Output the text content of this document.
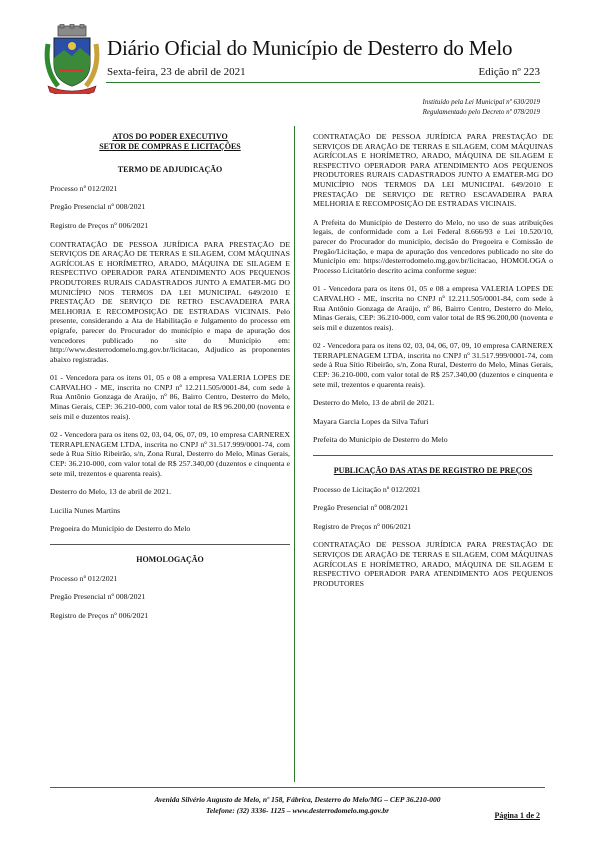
Diário Oficial do Município de Desterro do Melo
Sexta-feira, 23 de abril de 2021	Edição nº 223
Instituído pela Lei Municipal nº 630/2019
Regulamentado pelo Decreto nº 078/2019

ATOS DO PODER EXECUTIVO

SETOR DE COMPRAS E LICITAÇÕES

TERMO DE ADJUDICAÇÃO

Processo nº 012/2021

Pregão Presencial nº 008/2021

Registro de Preços nº 006/2021

CONTRATAÇÃO DE PESSOA JURÍDICA PARA PRESTAÇÃO DE SERVIÇOS DE ARAÇÃO DE TERRAS E SILAGEM, COM MÁQUINAS AGRÍCOLAS E HORÍMETRO, ARADO, MÁQUINA DE SILAGEM E RESPECTIVO OPERADOR PARA ATENDIMENTO AOS PEQUENOS PRODUTORES RURAIS CADASTRADOS JUNTO A EMATER-MG DO MUNICÍPIO NOS TERMOS DA LEI MUNICIPAL 649/2010 E PRESTAÇÃO DE SERVIÇO DE RETRO ESCAVADEIRA PARA MELHORIA E RECOMPOSIÇÃO DE ESTRADAS VICINAIS. Pelo presente, considerando a Ata de Habilitação e Julgamento do processo em epígrafe, parecer do Procurador do município e mapa de apuração dos vencedores publicado no site do Município em: http://www.desterrodomelo.mg.gov.br/licitacao, Adjudico as proponentes abaixo registradas.

01 - Vencedora para os itens 01, 05 e 08 a empresa VALERIA LOPES DE CARVALHO - ME, inscrita no CNPJ nº 12.211.505/0001-84, com sede à Rua Antônio Gonzaga de Araújo, nº 86, Bairro Centro, Desterro do Melo, Minas Gerais, CEP: 36.210-000, com valor total de R$ 96.200,00 (noventa e seis mil e duzentos reais).

02 - Vencedora para os itens 02, 03, 04, 06, 07, 09, 10 empresa CARNEREX TERRAPLENAGEM LTDA, inscrita no CNPJ nº 31.517.999/0001-74, com sede à Rua Sítio Ribeirão, s/n, Zona Rural, Desterro do Melo, Minas Gerais, CEP: 36.210-000, com valor total de R$ 257.340,00 (duzentos e cinquenta e sete mil, trezentos e quarenta reais).

Desterro do Melo, 13 de abril de 2021.

Lucilia Nunes Martins

Pregoeira do Município de Desterro do Melo

HOMOLOGAÇÃO

Processo nº 012/2021

Pregão Presencial nº 008/2021

Registro de Preços nº 006/2021

CONTRATAÇÃO DE PESSOA JURÍDICA PARA PRESTAÇÃO DE SERVIÇOS DE ARAÇÃO DE TERRAS E SILAGEM, COM MÁQUINAS AGRÍCOLAS E HORÍMETRO, ARADO, MÁQUINA DE SILAGEM E RESPECTIVO OPERADOR PARA ATENDIMENTO AOS PEQUENOS PRODUTORES RURAIS CADASTRADOS JUNTO A EMATER-MG DO MUNICÍPIO NOS TERMOS DA LEI MUNICIPAL 649/2010 E PRESTAÇÃO DE SERVIÇO DE RETRO ESCAVADEIRA PARA MELHORIA E RECOMPOSIÇÃO DE ESTRADAS VICINAIS.

A Prefeita do Município de Desterro do Melo, no uso de suas atribuições legais, de conformidade com a Lei Federal 8.666/93 e Lei 10.520/10, parecer do Procurador do município, decisão do Pregoeira e Comissão de Pregão/Licitação, e mapa de apuração dos vencedores publicado no site do Município em: https://desterrodomelo.mg.gov.br/licitacao, HOMOLOGA o Processo Licitatório descrito acima conforme segue:

01 - Vencedora para os itens 01, 05 e 08 a empresa VALERIA LOPES DE CARVALHO - ME, inscrita no CNPJ nº 12.211.505/0001-84, com sede à Rua Antônio Gonzaga de Araújo, nº 86, Bairro Centro, Desterro do Melo, Minas Gerais, CEP: 36.210-000, com valor total de R$ 96.200,00 (noventa e seis mil e duzentos reais).

02 - Vencedora para os itens 02, 03, 04, 06, 07, 09, 10 empresa CARNEREX TERRAPLENAGEM LTDA, inscrita no CNPJ nº 31.517.999/0001-74, com sede à Rua Sítio Ribeirão, s/n, Zona Rural, Desterro do Melo, Minas Gerais, CEP: 36.210-000, com valor total de R$ 257.340,00 (duzentos e cinquenta e sete mil, trezentos e quarenta reais).

Desterro do Melo, 13 de abril de 2021.

Mayara Garcia Lopes da Silva Tafuri

Prefeita do Município de Desterro do Melo

PUBLICAÇÃO DAS ATAS DE REGISTRO DE PREÇOS

Processo de Licitação nº 012/2021

Pregão Presencial nº 008/2021

Registro de Preços nº 006/2021

CONTRATAÇÃO DE PESSOA JURÍDICA PARA PRESTAÇÃO DE SERVIÇOS DE ARAÇÃO DE TERRAS E SILAGEM, COM MÁQUINAS AGRÍCOLAS E HORÍMETRO, ARADO, MÁQUINA DE SILAGEM E RESPECTIVO OPERADOR PARA ATENDIMENTO AOS PEQUENOS PRODUTORES

Avenida Silvério Augusto de Melo, nº 158, Fábrica, Desterro do Melo/MG – CEP 36.210-000
Telefone: (32) 3336- 1125 – www.desterrodomelo.mg.gov.br
Página 1 de 2
